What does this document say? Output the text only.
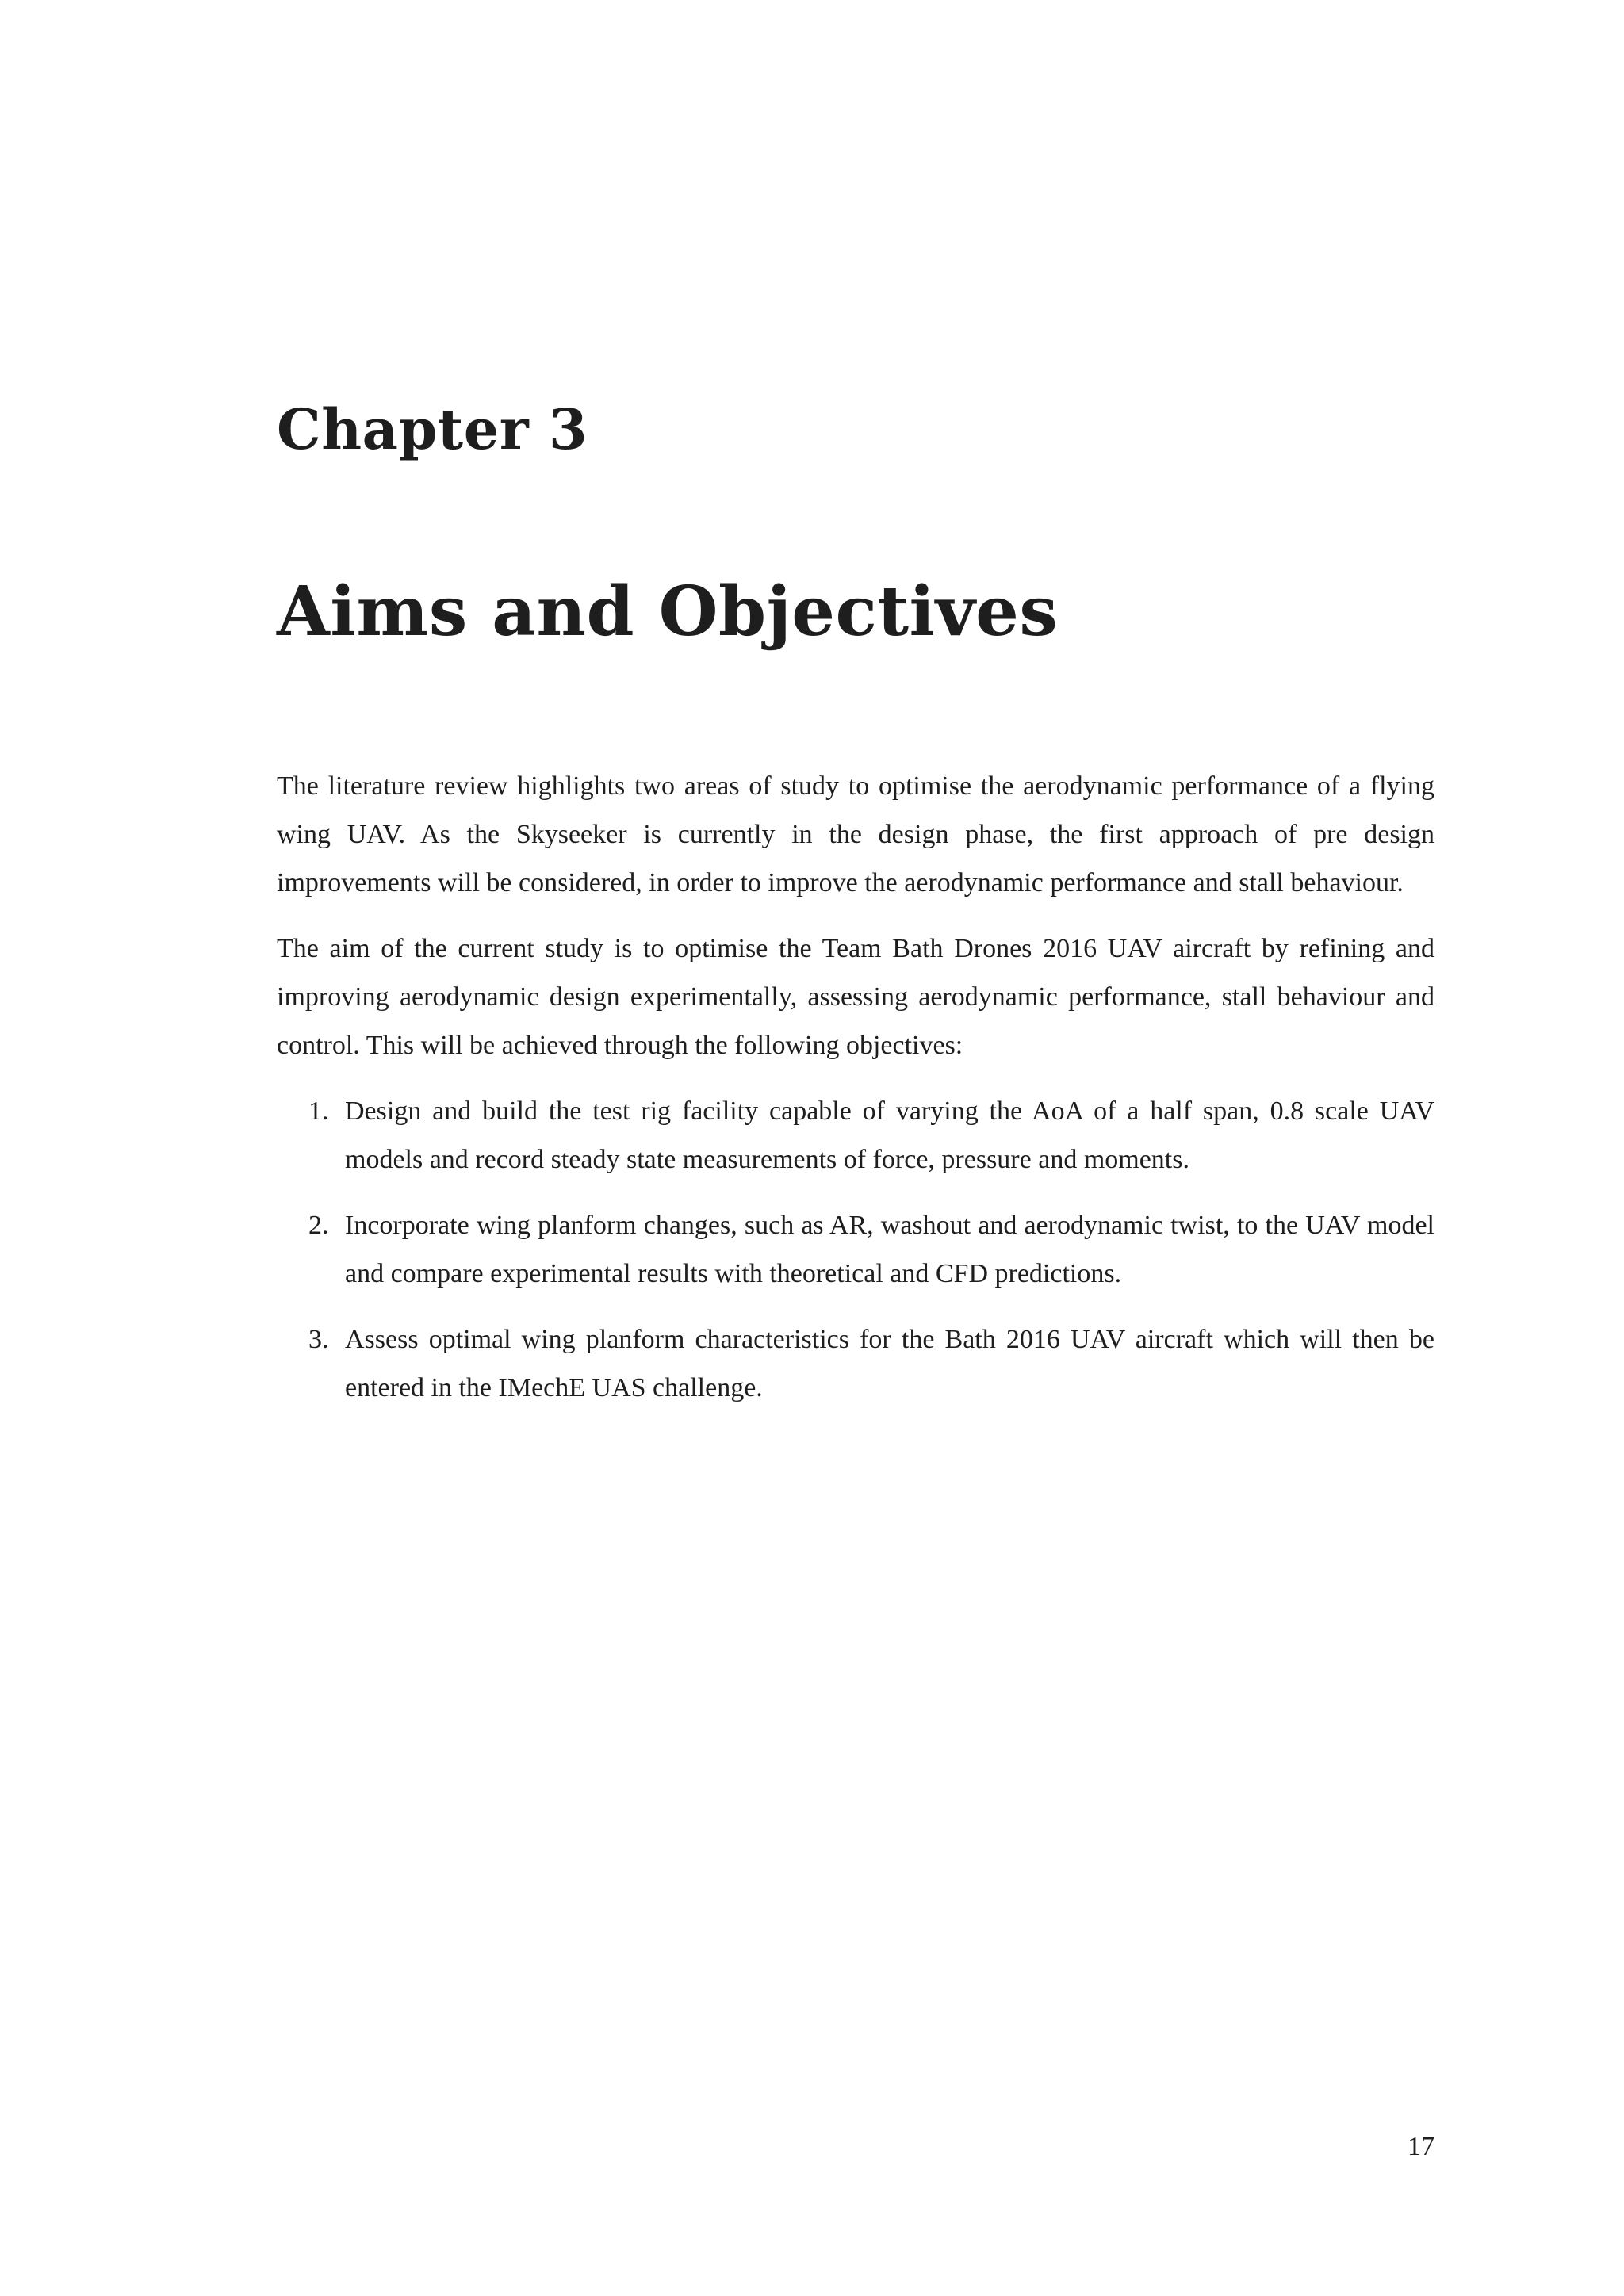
Chapter 3
Aims and Objectives

The literature review highlights two areas of study to optimise the aerodynamic performance of a flying wing UAV. As the Skyseeker is currently in the design phase, the first approach of pre design improvements will be considered, in order to improve the aerodynamic performance and stall behaviour.

The aim of the current study is to optimise the Team Bath Drones 2016 UAV aircraft by refining and improving aerodynamic design experimentally, assessing aerodynamic performance, stall behaviour and control. This will be achieved through the following objectives:

1. Design and build the test rig facility capable of varying the AoA of a half span, 0.8 scale UAV models and record steady state measurements of force, pressure and moments.
2. Incorporate wing planform changes, such as AR, washout and aerodynamic twist, to the UAV model and compare experimental results with theoretical and CFD predictions.
3. Assess optimal wing planform characteristics for the Bath 2016 UAV aircraft which will then be entered in the IMechE UAS challenge.
17
